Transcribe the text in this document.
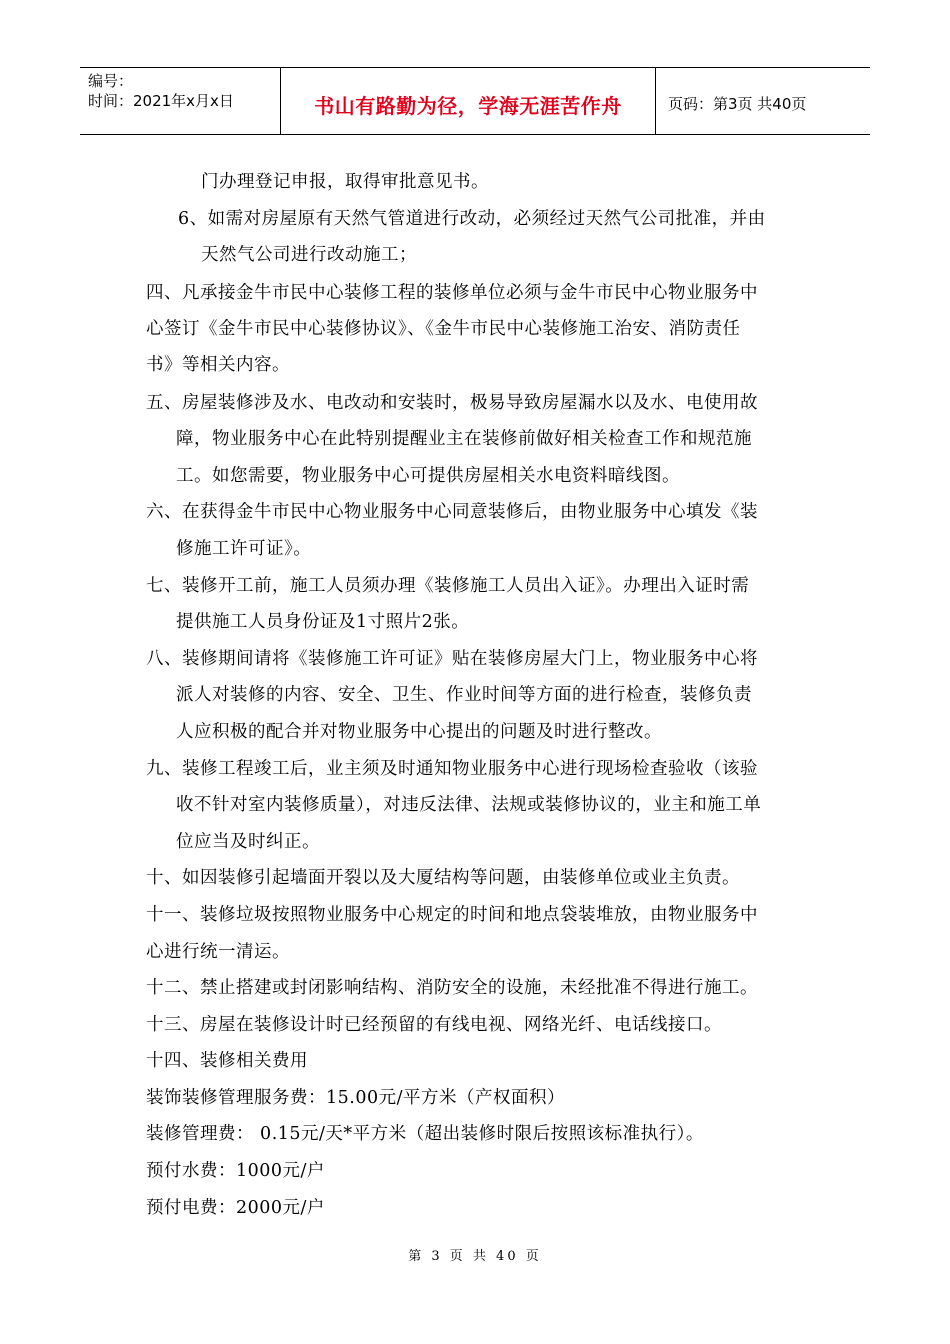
编号：
时间：2021年x月x日	书山有路勤为径，学海无涯苦作舟	页码：第3页 共40页
门办理登记申报，取得审批意见书。
6、如需对房屋原有天然气管道进行改动，必须经过天然气公司批准，并由
天然气公司进行改动施工；
四、凡承接金牛市民中心装修工程的装修单位必须与金牛市民中心物业服务中
心签订《金牛市民中心装修协议》、《金牛市民中心装修施工治安、消防责任
书》等相关内容。
五、房屋装修涉及水、电改动和安装时，极易导致房屋漏水以及水、电使用故
障，物业服务中心在此特别提醒业主在装修前做好相关检查工作和规范施
工。如您需要，物业服务中心可提供房屋相关水电资料暗线图。
六、在获得金牛市民中心物业服务中心同意装修后，由物业服务中心填发《装
修施工许可证》。
七、装修开工前，施工人员须办理《装修施工人员出入证》。办理出入证时需
提供施工人员身份证及1寸照片2张。
八、装修期间请将《装修施工许可证》贴在装修房屋大门上，物业服务中心将
派人对装修的内容、安全、卫生、作业时间等方面的进行检查，装修负责
人应积极的配合并对物业服务中心提出的问题及时进行整改。
九、装修工程竣工后，业主须及时通知物业服务中心进行现场检查验收（该验
收不针对室内装修质量），对违反法律、法规或装修协议的，业主和施工单
位应当及时纠正。
十、如因装修引起墙面开裂以及大厦结构等问题，由装修单位或业主负责。
十一、装修垃圾按照物业服务中心规定的时间和地点袋装堆放，由物业服务中
心进行统一清运。
十二、禁止搭建或封闭影响结构、消防安全的设施，未经批准不得进行施工。
十三、房屋在装修设计时已经预留的有线电视、网络光纤、电话线接口。
十四、装修相关费用
装饰装修管理服务费：15.00元/平方米（产权面积）
装修管理费： 0.15元/天*平方米（超出装修时限后按照该标准执行）。
预付水费：1000元/户
预付电费：2000元/户
第 3 页 共 40 页
